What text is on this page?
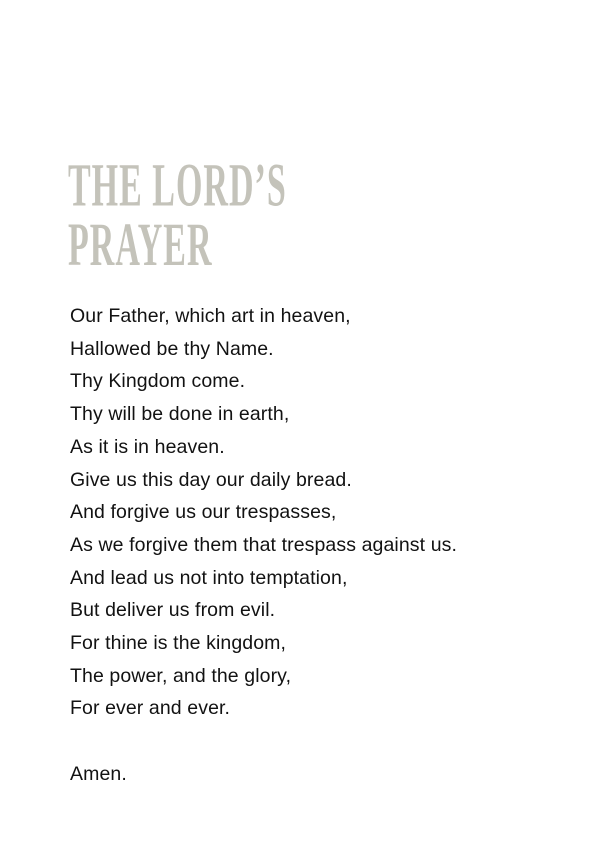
THE LORD’S
PRAYER
Our Father, which art in heaven,
Hallowed be thy Name.
Thy Kingdom come.
Thy will be done in earth,
As it is in heaven.
Give us this day our daily bread.
And forgive us our trespasses,
As we forgive them that trespass against us.
And lead us not into temptation,
But deliver us from evil.
For thine is the kingdom,
The power, and the glory,
For ever and ever.
Amen.
